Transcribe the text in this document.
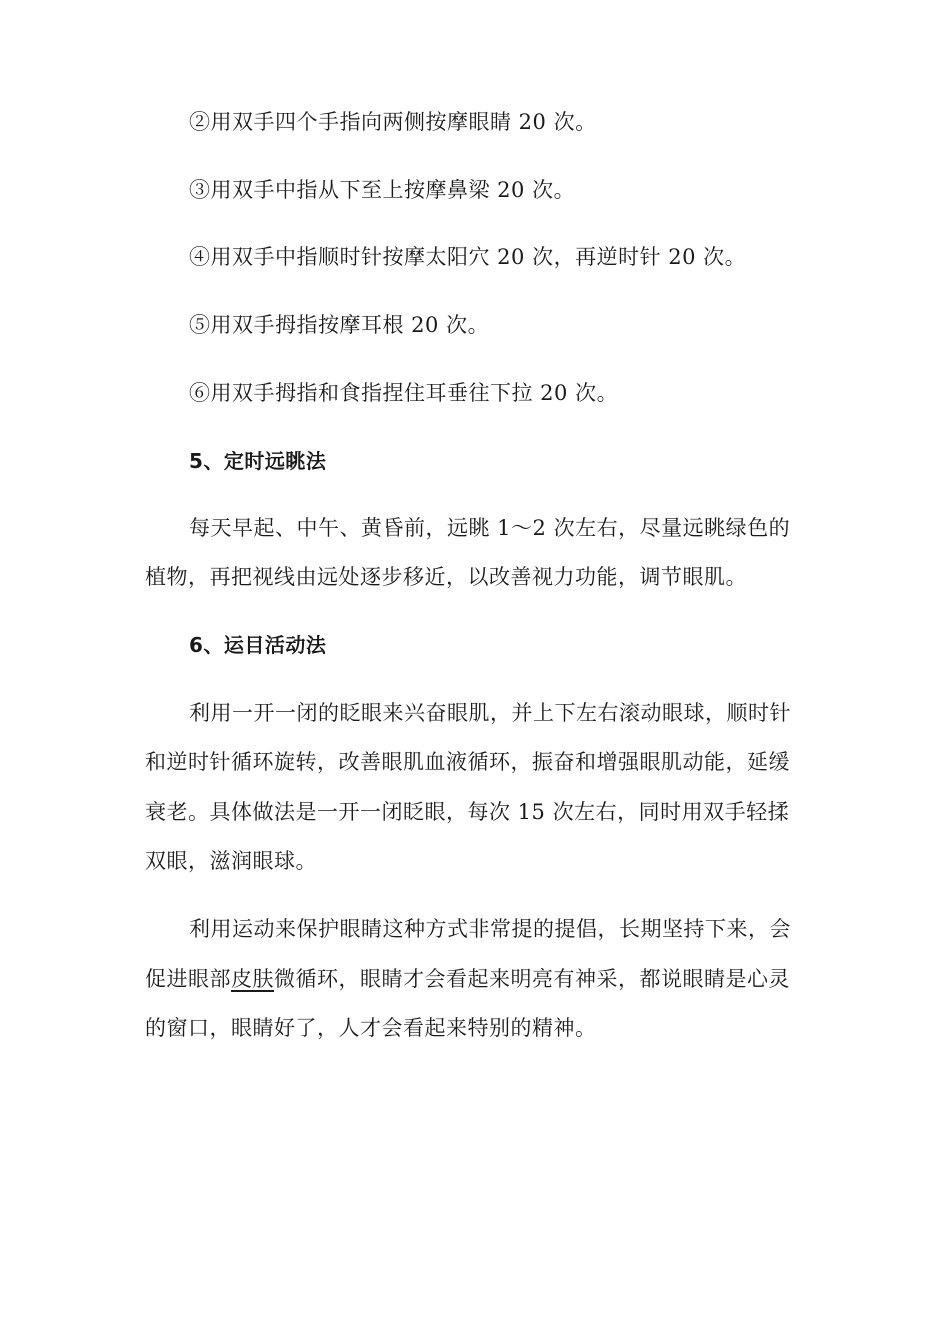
②用双手四个手指向两侧按摩眼睛 20 次。
③用双手中指从下至上按摩鼻梁 20 次。
④用双手中指顺时针按摩太阳穴 20 次，再逆时针 20 次。
⑤用双手拇指按摩耳根 20 次。
⑥用双手拇指和食指捏住耳垂往下拉 20 次。
5、定时远眺法
每天早起、中午、黄昏前，远眺 1～2 次左右，尽量远眺绿色的
植物，再把视线由远处逐步移近，以改善视力功能，调节眼肌。
6、运目活动法
利用一开一闭的眨眼来兴奋眼肌，并上下左右滚动眼球，顺时针
和逆时针循环旋转，改善眼肌血液循环，振奋和增强眼肌动能，延缓
衰老。具体做法是一开一闭眨眼，每次 15 次左右，同时用双手轻揉
双眼，滋润眼球。
利用运动来保护眼睛这种方式非常提的提倡，长期坚持下来，会
促进眼部皮肤微循环，眼睛才会看起来明亮有神采，都说眼睛是心灵
的窗口，眼睛好了，人才会看起来特别的精神。
